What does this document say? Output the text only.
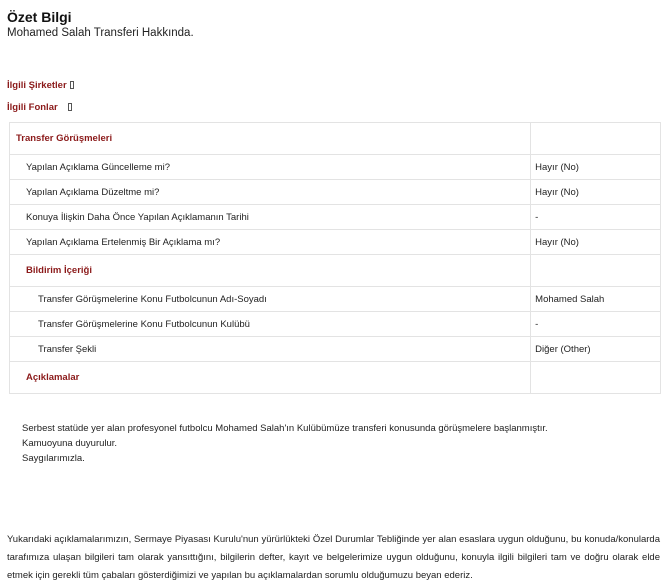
Özet Bilgi
Mohamed Salah Transferi Hakkında.
İlgili Şirketler
İlgili Fonlar
Transfer Görüşmeleri	
Yapılan Açıklama Güncelleme mi?	Hayır (No)
Yapılan Açıklama Düzeltme mi?	Hayır (No)
Konuya İlişkin Daha Önce Yapılan Açıklamanın Tarihi	-
Yapılan Açıklama Ertelenmiş Bir Açıklama mı?	Hayır (No)
Bildirim İçeriği	
Transfer Görüşmelerine Konu Futbolcunun Adı-Soyadı	Mohamed Salah
Transfer Görüşmelerine Konu Futbolcunun Kulübü	-
Transfer Şekli	Diğer (Other)
Açıklamalar	
Serbest statüde yer alan profesyonel futbolcu Mohamed Salah'ın Kulübümüze transferi konusunda görüşmelere başlanmıştır.
Kamuoyuna duyurulur.
Saygılarımızla.
Yukarıdaki açıklamalarımızın, Sermaye Piyasası Kurulu'nun yürürlükteki Özel Durumlar Tebliğinde yer alan esaslara uygun olduğunu, bu konuda/konularda tarafımıza ulaşan bilgileri tam olarak yansıttığını, bilgilerin defter, kayıt ve belgelerimize uygun olduğunu, konuyla ilgili bilgileri tam ve doğru olarak elde etmek için gerekli tüm çabaları gösterdiğimizi ve yapılan bu açıklamalardan sorumlu olduğumuzu beyan ederiz.
